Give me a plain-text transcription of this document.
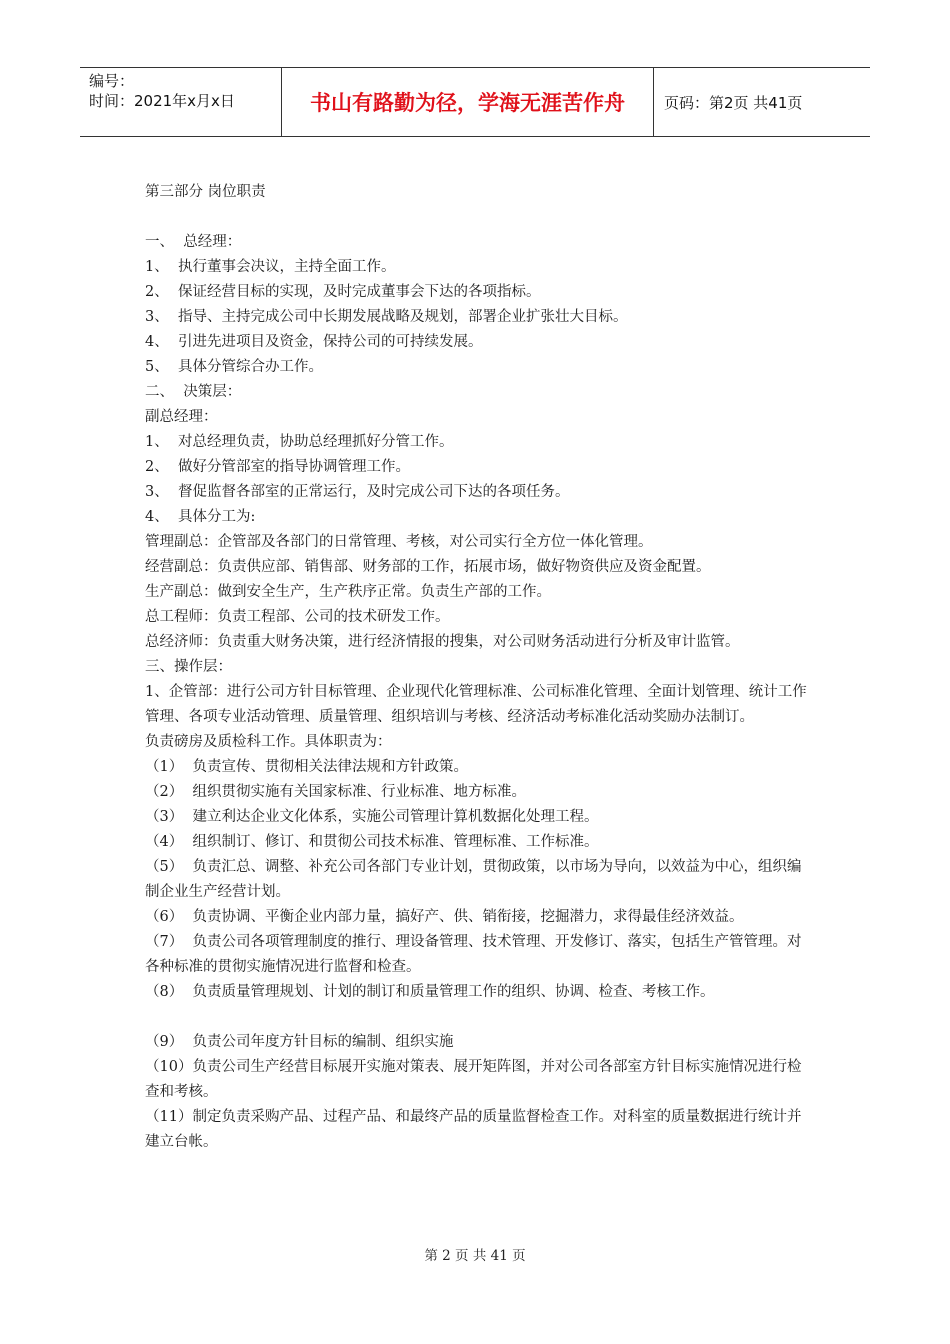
编号：
时间：2021年x月x日	书山有路勤为径，学海无涯苦作舟	页码：第2页 共41页

第三部分 岗位职责

一、  总经理：

1、  执行董事会决议，主持全面工作。

2、  保证经营目标的实现，及时完成董事会下达的各项指标。

3、  指导、主持完成公司中长期发展战略及规划，部署企业扩张壮大目标。

4、  引进先进项目及资金，保持公司的可持续发展。

5、  具体分管综合办工作。

二、  决策层：

副总经理：

1、  对总经理负责，协助总经理抓好分管工作。

2、  做好分管部室的指导协调管理工作。

3、  督促监督各部室的正常运行，及时完成公司下达的各项任务。

4、  具体分工为:

管理副总：企管部及各部门的日常管理、考核，对公司实行全方位一体化管理。

经营副总：负责供应部、销售部、财务部的工作，拓展市场，做好物资供应及资金配置。

生产副总：做到安全生产，生产秩序正常。负责生产部的工作。

总工程师：负责工程部、公司的技术研发工作。

总经济师：负责重大财务决策，进行经济情报的搜集，对公司财务活动进行分析及审计监管。

三、操作层：

1、企管部：进行公司方针目标管理、企业现代化管理标准、公司标准化管理、全面计划管理、统计工作管理、各项专业活动管理、质量管理、组织培训与考核、经济活动考标准化活动奖励办法制订。

负责磅房及质检科工作。具体职责为：

（1）  负责宣传、贯彻相关法律法规和方针政策。

（2）  组织贯彻实施有关国家标准、行业标准、地方标准。

（3）  建立利达企业文化体系，实施公司管理计算机数据化处理工程。

（4）  组织制订、修订、和贯彻公司技术标准、管理标准、工作标准。

（5）  负责汇总、调整、补充公司各部门专业计划，贯彻政策，以市场为导向，以效益为中心，组织编制企业生产经营计划。

（6）  负责协调、平衡企业内部力量，搞好产、供、销衔接，挖掘潜力，求得最佳经济效益。

（7）  负责公司各项管理制度的推行、理设备管理、技术管理、开发修订、落实，包括生产管管理。对各种标准的贯彻实施情况进行监督和检查。

（8）  负责质量管理规划、计划的制订和质量管理工作的组织、协调、检查、考核工作。

（9）  负责公司年度方针目标的编制、组织实施

（10）负责公司生产经营目标展开实施对策表、展开矩阵图，并对公司各部室方针目标实施情况进行检查和考核。

（11）制定负责采购产品、过程产品、和最终产品的质量监督检查工作。对科室的质量数据进行统计并建立台帐。

第 2 页 共 41 页
